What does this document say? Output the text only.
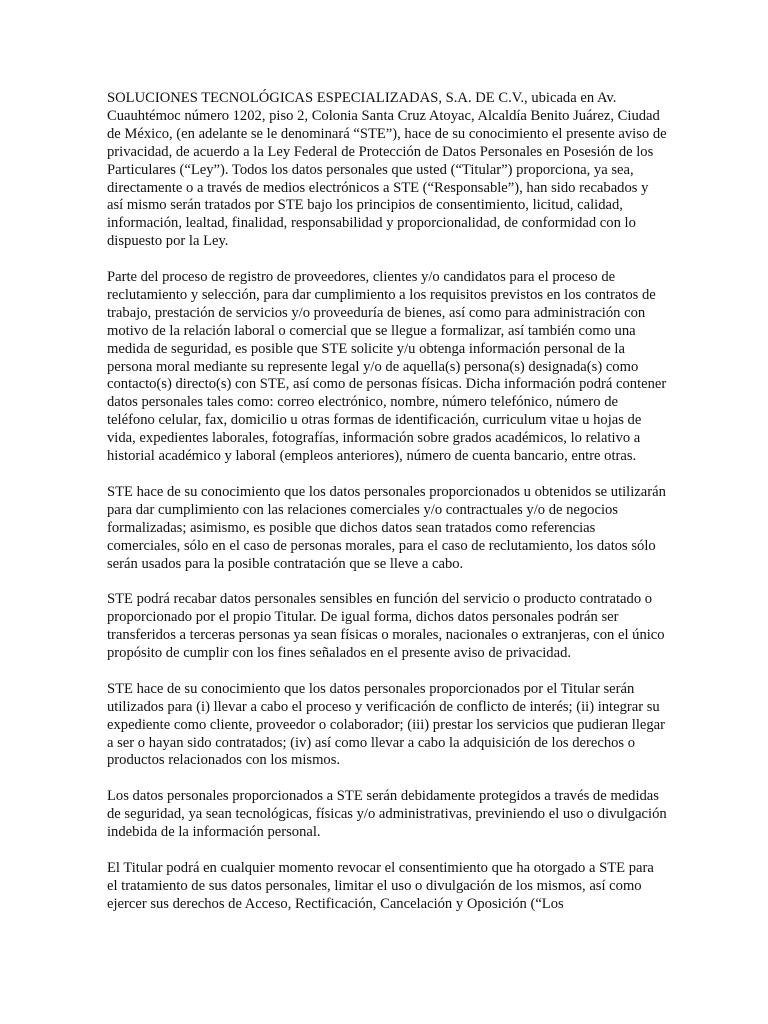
SOLUCIONES TECNOLÓGICAS ESPECIALIZADAS, S.A. DE C.V., ubicada en Av. Cuauhtémoc número 1202, piso 2, Colonia Santa Cruz Atoyac, Alcaldía Benito Juárez, Ciudad de México, (en adelante se le denominará “STE”), hace de su conocimiento el presente aviso de privacidad, de acuerdo a la Ley Federal de Protección de Datos Personales en Posesión de los Particulares (“Ley”). Todos los datos personales que usted (“Titular”) proporciona, ya sea, directamente o a través de medios electrónicos a STE (“Responsable”), han sido recabados y así mismo serán tratados por STE bajo los principios de consentimiento, licitud, calidad, información, lealtad, finalidad, responsabilidad y proporcionalidad, de conformidad con lo dispuesto por la Ley.

Parte del proceso de registro de proveedores, clientes y/o candidatos para el proceso de reclutamiento y selección, para dar cumplimiento a los requisitos previstos en los contratos de trabajo, prestación de servicios y/o proveeduría de bienes, así como para administración con motivo de la relación laboral o comercial que se llegue a formalizar, así también como una medida de seguridad, es posible que STE solicite y/u obtenga información personal de la persona moral mediante su represente legal y/o de aquella(s) persona(s) designada(s) como contacto(s) directo(s) con STE, así como de personas físicas. Dicha información podrá contener datos personales tales como: correo electrónico, nombre, número telefónico, número de teléfono celular, fax, domicilio u otras formas de identificación, curriculum vitae u hojas de vida, expedientes laborales, fotografías, información sobre grados académicos, lo relativo a historial académico y laboral (empleos anteriores), número de cuenta bancario, entre otras.

STE hace de su conocimiento que los datos personales proporcionados u obtenidos se utilizarán para dar cumplimiento con las relaciones comerciales y/o contractuales y/o de negocios formalizadas; asimismo, es posible que dichos datos sean tratados como referencias comerciales, sólo en el caso de personas morales, para el caso de reclutamiento, los datos sólo serán usados para la posible contratación que se lleve a cabo.

STE podrá recabar datos personales sensibles en función del servicio o producto contratado o proporcionado por el propio Titular. De igual forma, dichos datos personales podrán ser transferidos a terceras personas ya sean físicas o morales, nacionales o extranjeras, con el único propósito de cumplir con los fines señalados en el presente aviso de privacidad.

STE hace de su conocimiento que los datos personales proporcionados por el Titular serán utilizados para (i) llevar a cabo el proceso y verificación de conflicto de interés; (ii) integrar su expediente como cliente, proveedor o colaborador; (iii) prestar los servicios que pudieran llegar a ser o hayan sido contratados; (iv) así como llevar a cabo la adquisición de los derechos o productos relacionados con los mismos.

Los datos personales proporcionados a STE serán debidamente protegidos a través de medidas de seguridad, ya sean tecnológicas, físicas y/o administrativas, previniendo el uso o divulgación indebida de la información personal.

El Titular podrá en cualquier momento revocar el consentimiento que ha otorgado a STE para el tratamiento de sus datos personales, limitar el uso o divulgación de los mismos, así como ejercer sus derechos de Acceso, Rectificación, Cancelación y Oposición (“Los
